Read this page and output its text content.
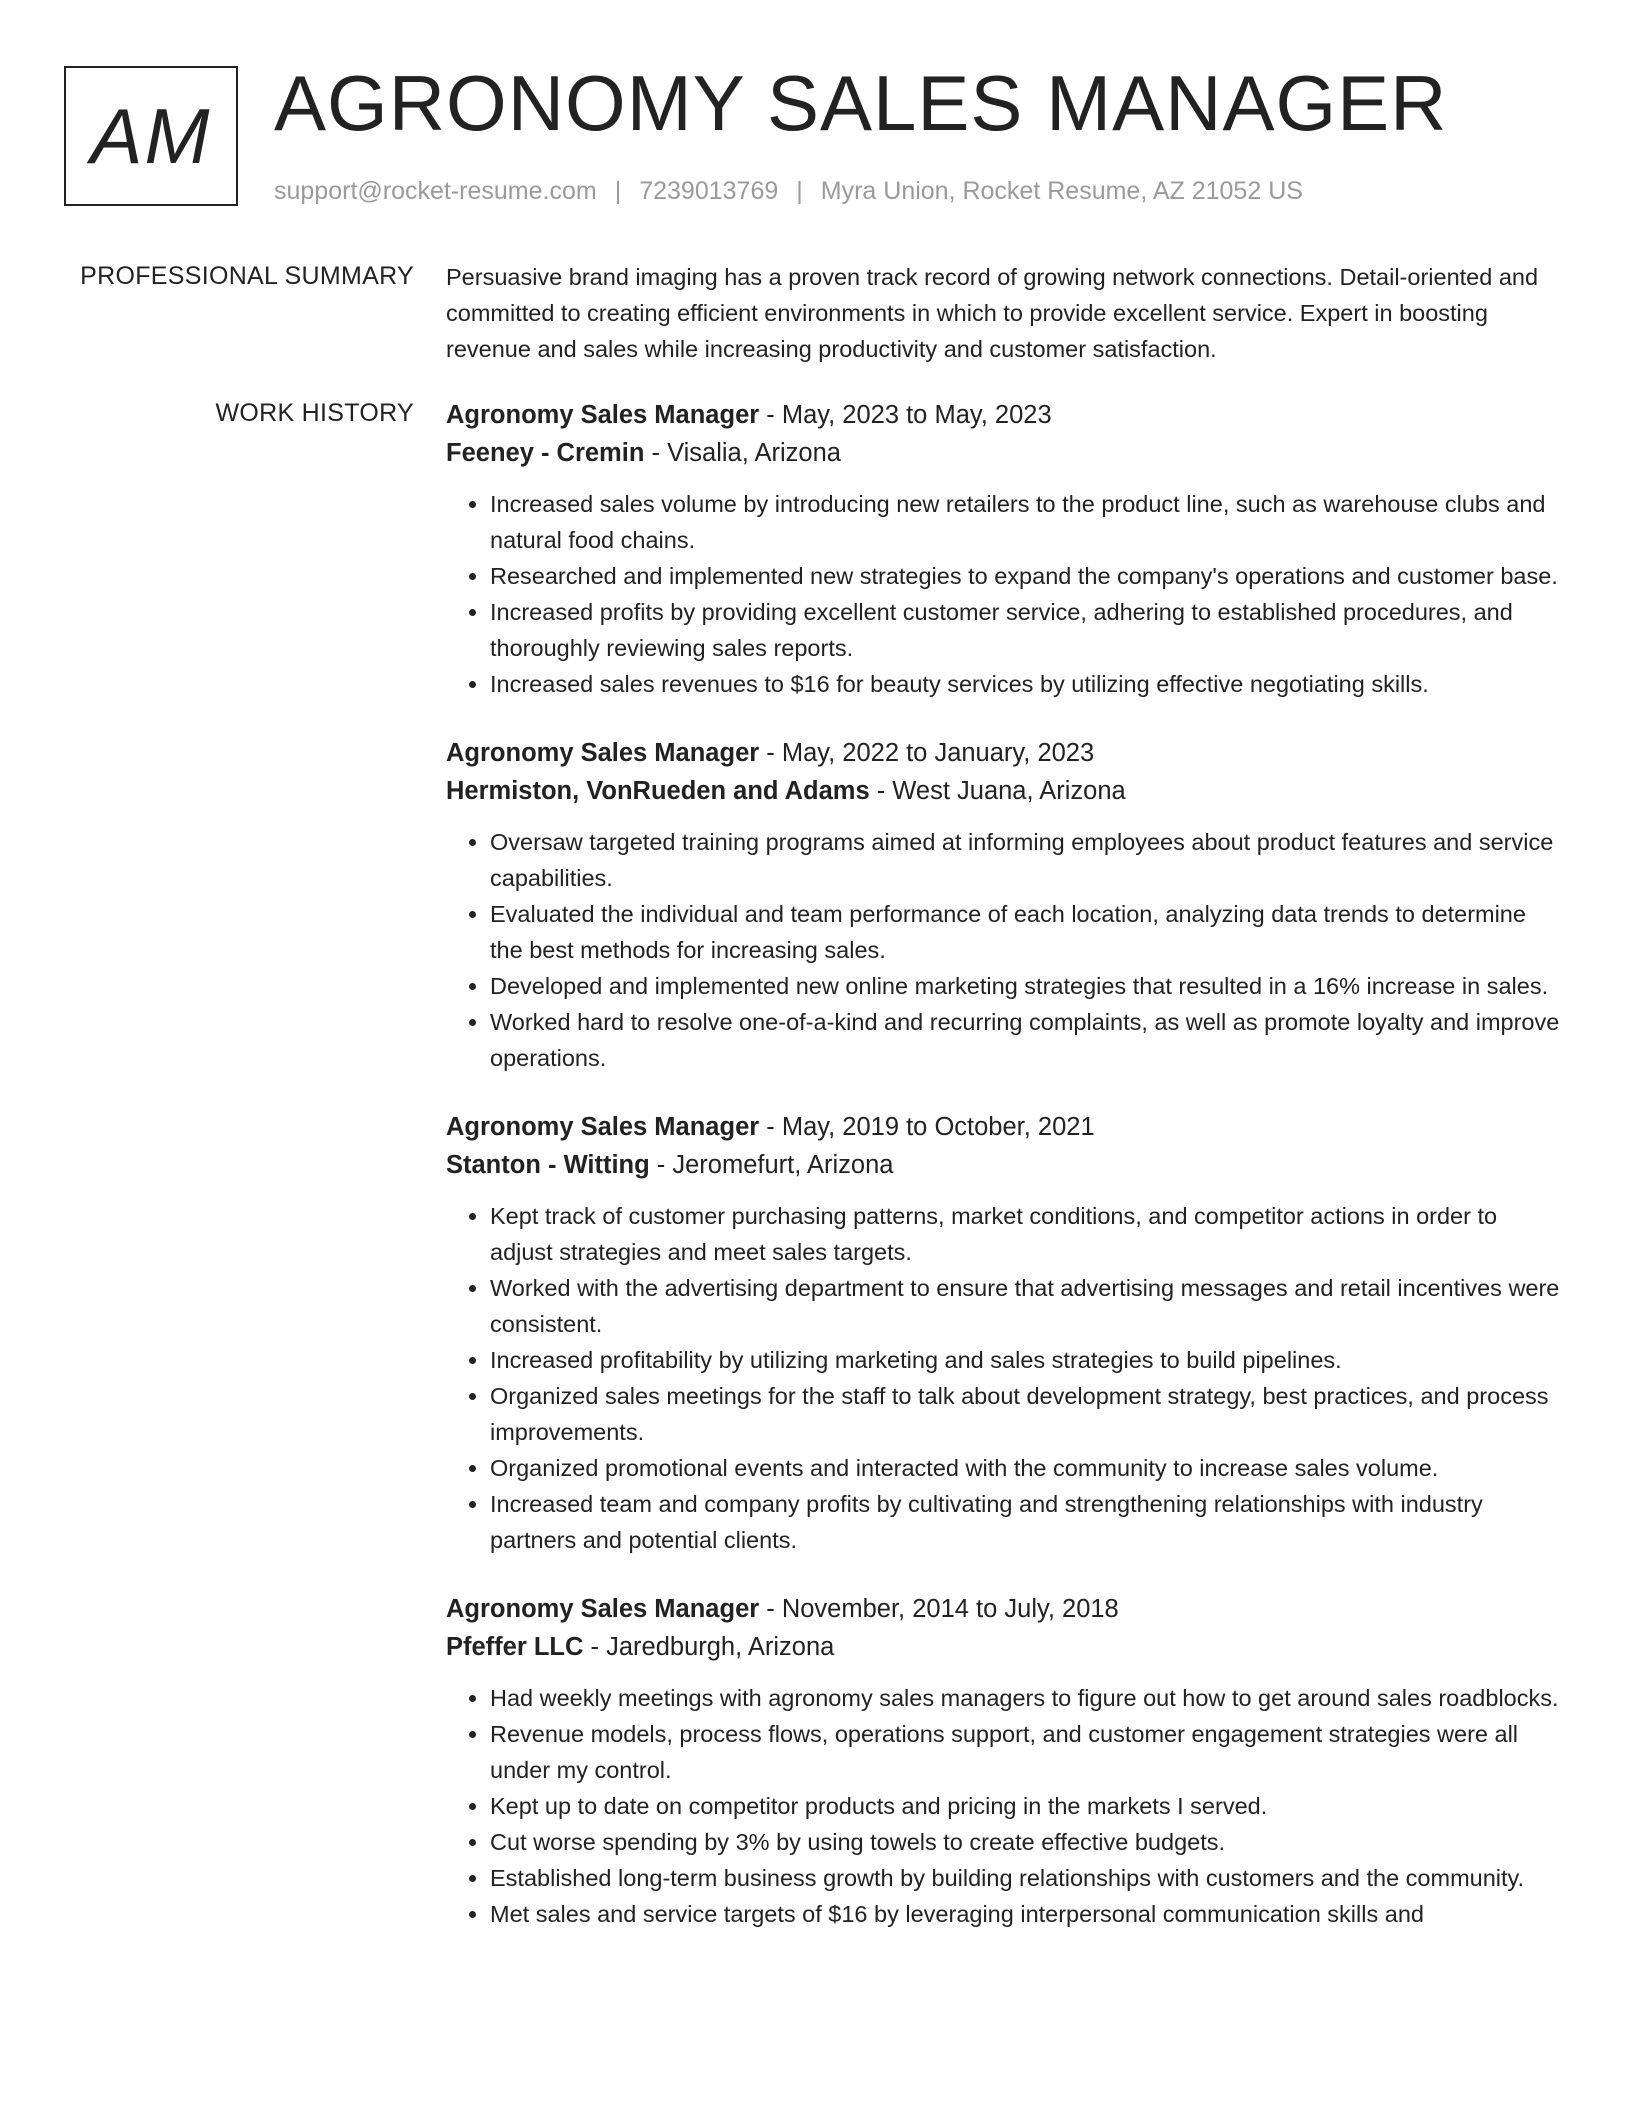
AM AGRONOMY SALES MANAGER
support@rocket-resume.com | 7239013769 | Myra Union, Rocket Resume, AZ 21052 US
PROFESSIONAL SUMMARY Persuasive brand imaging has a proven track record of growing network connections. Detail-oriented and committed to creating efficient environments in which to provide excellent service. Expert in boosting revenue and sales while increasing productivity and customer satisfaction.
WORK HISTORY Agronomy Sales Manager - May, 2023 to May, 2023
Feeney - Cremin - Visalia, Arizona
• Increased sales volume by introducing new retailers to the product line, such as warehouse clubs and natural food chains.
• Researched and implemented new strategies to expand the company's operations and customer base.
• Increased profits by providing excellent customer service, adhering to established procedures, and thoroughly reviewing sales reports.
• Increased sales revenues to $16 for beauty services by utilizing effective negotiating skills.
Agronomy Sales Manager - May, 2022 to January, 2023
Hermiston, VonRueden and Adams - West Juana, Arizona
• Oversaw targeted training programs aimed at informing employees about product features and service capabilities.
• Evaluated the individual and team performance of each location, analyzing data trends to determine the best methods for increasing sales.
• Developed and implemented new online marketing strategies that resulted in a 16% increase in sales.
• Worked hard to resolve one-of-a-kind and recurring complaints, as well as promote loyalty and improve operations.
Agronomy Sales Manager - May, 2019 to October, 2021
Stanton - Witting - Jeromefurt, Arizona
• Kept track of customer purchasing patterns, market conditions, and competitor actions in order to adjust strategies and meet sales targets.
• Worked with the advertising department to ensure that advertising messages and retail incentives were consistent.
• Increased profitability by utilizing marketing and sales strategies to build pipelines.
• Organized sales meetings for the staff to talk about development strategy, best practices, and process improvements.
• Organized promotional events and interacted with the community to increase sales volume.
• Increased team and company profits by cultivating and strengthening relationships with industry partners and potential clients.
Agronomy Sales Manager - November, 2014 to July, 2018
Pfeffer LLC - Jaredburgh, Arizona
• Had weekly meetings with agronomy sales managers to figure out how to get around sales roadblocks.
• Revenue models, process flows, operations support, and customer engagement strategies were all under my control.
• Kept up to date on competitor products and pricing in the markets I served.
• Cut worse spending by 3% by using towels to create effective budgets.
• Established long-term business growth by building relationships with customers and the community.
• Met sales and service targets of $16 by leveraging interpersonal communication skills and
